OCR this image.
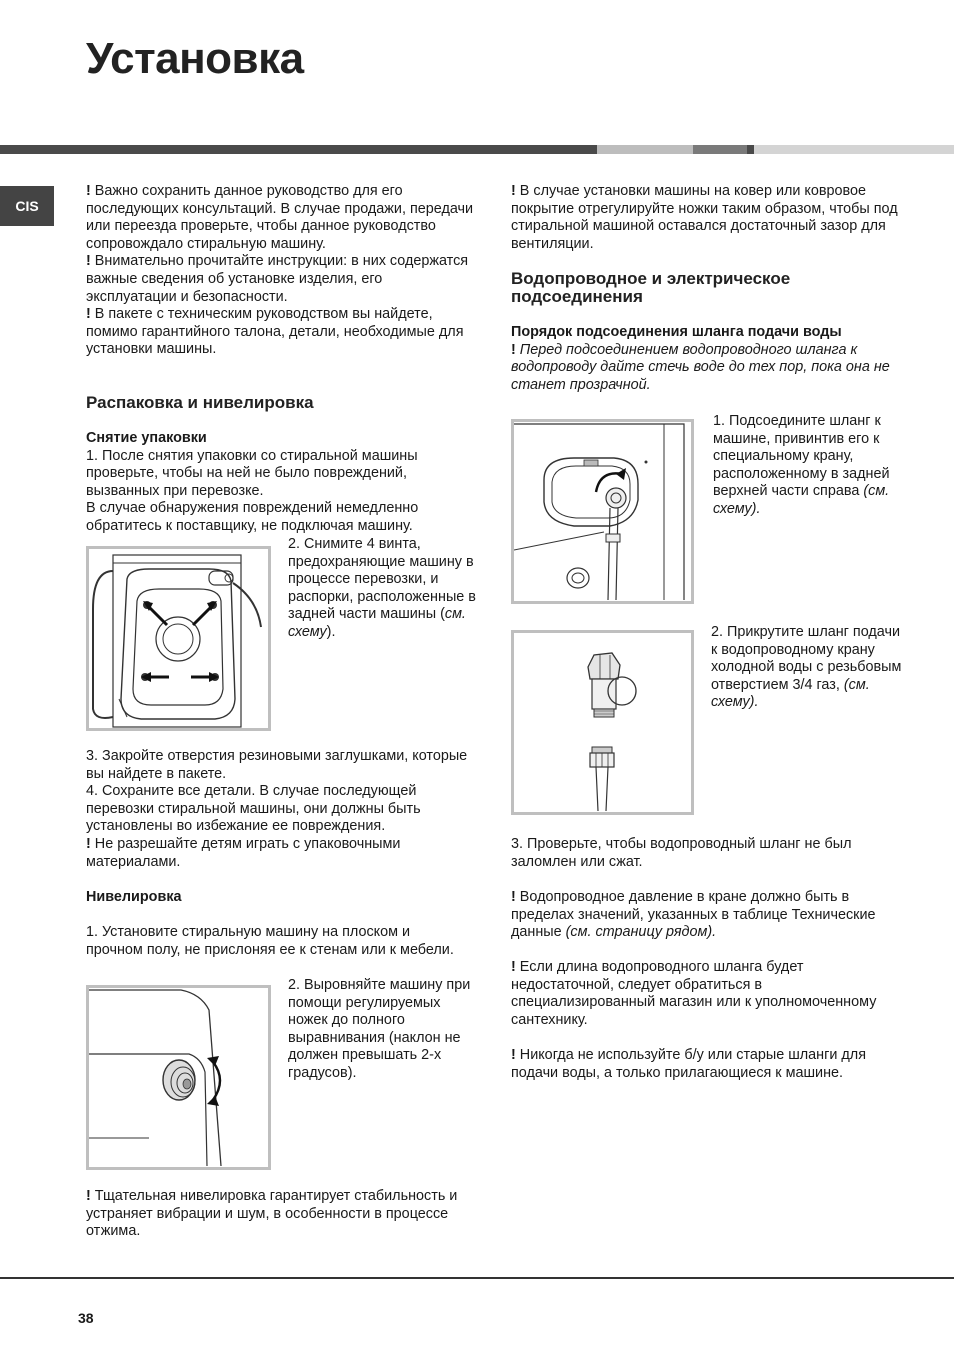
Установка
CIS
! Важно сохранить данное руководство для его последующих консультаций. В случае продажи, передачи или переезда проверьте, чтобы данное руководство сопровождало стиральную машину.
! Внимательно прочитайте инструкции: в них содержатся важные сведения об установке изделия, его эксплуатации и безопасности.
! В пакете с техническим руководством вы найдете, помимо гарантийного талона, детали, необходимые для установки машины.
Распаковка и нивелировка
Снятие упаковки
1. После снятия упаковки со стиральной машины проверьте, чтобы на ней не было повреждений, вызванных при перевозке.
В случае обнаружения повреждений немедленно обратитесь к поставщику, не подключая машину.
2. Снимите 4 винта, предохраняющие машину в процессе перевозки, и распорки, расположенные в задней части машины (см. схему).
3. Закройте отверстия резиновыми заглушками, которые вы найдете в пакете.
4. Сохраните все детали. В случае последующей перевозки стиральной машины, они должны быть установлены во избежание ее повреждения.
! Не разрешайте детям играть с упаковочными материалами.
Нивелировка
1. Установите стиральную машину на плоском и прочном полу, не прислоняя ее к стенам или к мебели.
2. Выровняйте машину при помощи регулируемых ножек до полного выравнивания (наклон не должен превышать 2-х градусов).
! Тщательная нивелировка гарантирует стабильность и устраняет вибрации и шум, в особенности в процессе отжима.
! В случае установки машины на ковер или ковровое покрытие отрегулируйте ножки таким образом, чтобы под стиральной машиной оставался достаточный зазор для вентиляции.
Водопроводное и электрическое подсоединения
Порядок подсоединения шланга подачи воды
! Перед подсоединением водопроводного шланга к водопроводу дайте стечь воде до тех пор, пока она не станет прозрачной.
1. Подсоедините шланг к машине, привинтив его к специальному крану, расположенному в задней верхней части справа (см. схему).
2. Прикрутите шланг подачи к водопроводному крану холодной воды с резьбовым отверстием 3/4 газ, (см. схему).
3. Проверьте, чтобы водопроводный шланг не был заломлен или сжат.
! Водопроводное давление в кране должно быть в пределах значений, указанных в таблице Технические данные (см. страницу рядом).
! Если длина водопроводного шланга будет недостаточной, следует обратиться в специализированный магазин или к уполномоченному сантехнику.
! Никогда не используйте б/у или старые шланги для подачи воды, а только прилагающиеся к машине.
38
